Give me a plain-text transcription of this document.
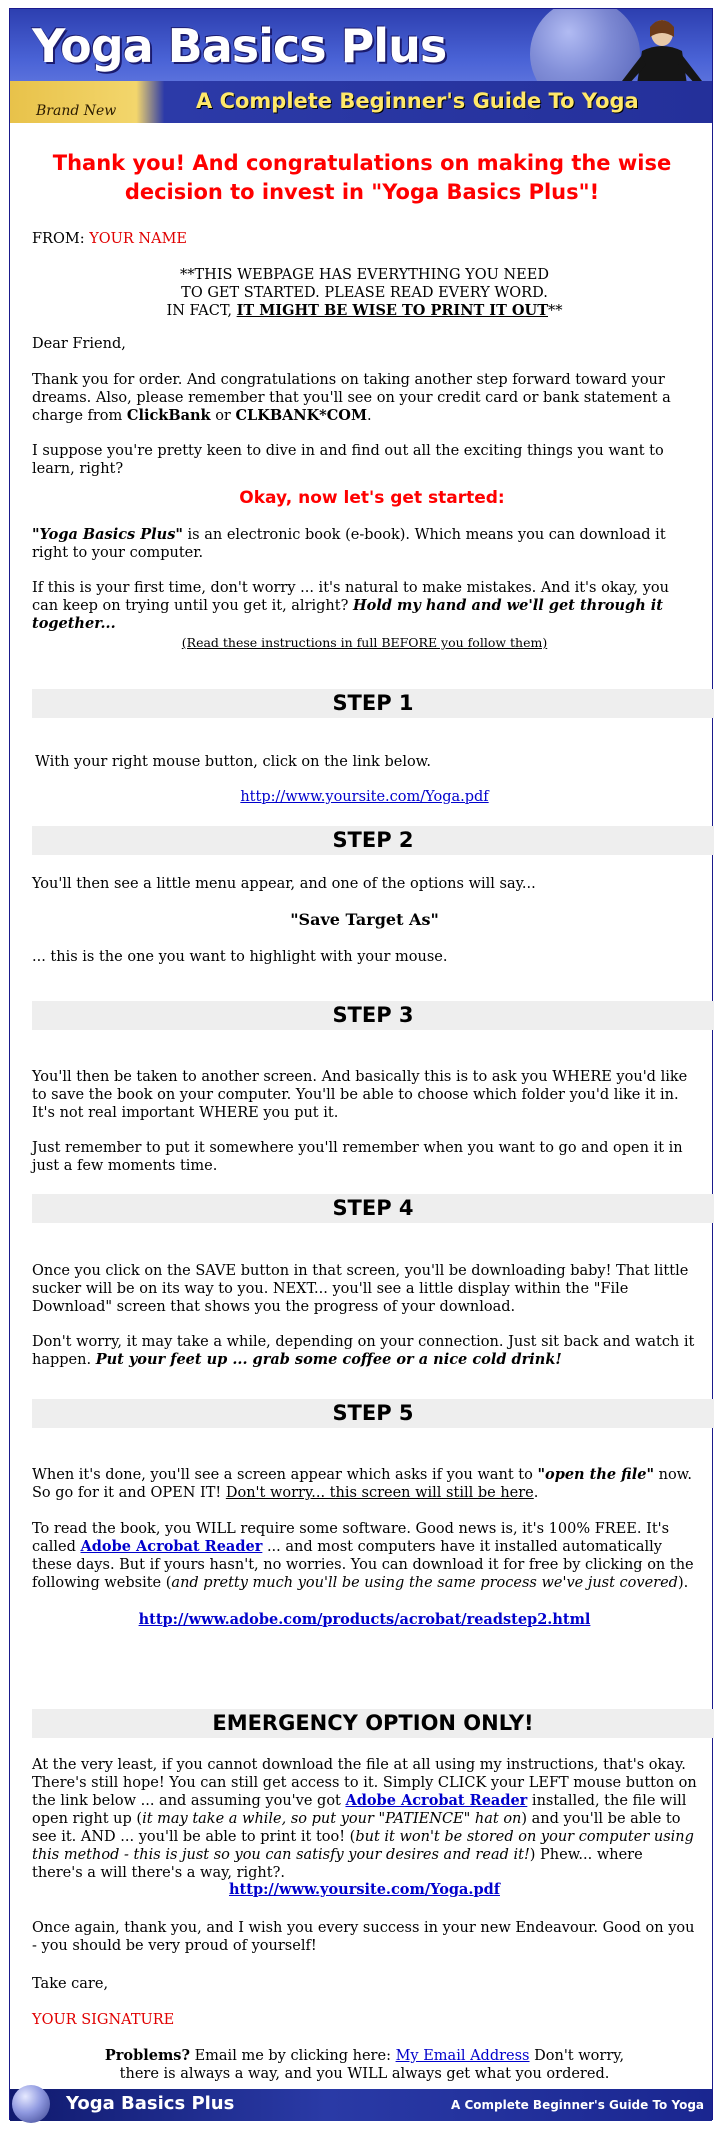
Yoga Basics Plus
A Complete Beginner's Guide To Yoga
Brand New
Thank you! And congratulations on making the wise decision to invest in "Yoga Basics Plus"!
FROM: YOUR NAME
**THIS WEBPAGE HAS EVERYTHING YOU NEED
TO GET STARTED. PLEASE READ EVERY WORD.
IN FACT, IT MIGHT BE WISE TO PRINT IT OUT**
Dear Friend,
Thank you for order. And congratulations on taking another step forward toward your dreams. Also, please remember that you'll see on your credit card or bank statement a charge from ClickBank or CLKBANK*COM.
I suppose you're pretty keen to dive in and find out all the exciting things you want to learn, right?
Okay, now let's get started:
"Yoga Basics Plus" is an electronic book (e-book). Which means you can download it right to your computer.
If this is your first time, don't worry ... it's natural to make mistakes. And it's okay, you can keep on trying until you get it, alright? Hold my hand and we'll get through it together...
(Read these instructions in full BEFORE you follow them)
STEP 1
With your right mouse button, click on the link below.
http://www.yoursite.com/Yoga.pdf
STEP 2
You'll then see a little menu appear, and one of the options will say...
"Save Target As"
... this is the one you want to highlight with your mouse.
STEP 3
You'll then be taken to another screen. And basically this is to ask you WHERE you'd like to save the book on your computer. You'll be able to choose which folder you'd like it in. It's not real important WHERE you put it.
Just remember to put it somewhere you'll remember when you want to go and open it in just a few moments time.
STEP 4
Once you click on the SAVE button in that screen, you'll be downloading baby! That little sucker will be on its way to you. NEXT... you'll see a little display within the "File Download" screen that shows you the progress of your download.
Don't worry, it may take a while, depending on your connection. Just sit back and watch it happen. Put your feet up ... grab some coffee or a nice cold drink!
STEP 5
When it's done, you'll see a screen appear which asks if you want to "open the file" now. So go for it and OPEN IT! Don't worry... this screen will still be here.
To read the book, you WILL require some software. Good news is, it's 100% FREE. It's called Adobe Acrobat Reader ... and most computers have it installed automatically these days. But if yours hasn't, no worries. You can download it for free by clicking on the following website (and pretty much you'll be using the same process we've just covered).
http://www.adobe.com/products/acrobat/readstep2.html
EMERGENCY OPTION ONLY!
At the very least, if you cannot download the file at all using my instructions, that's okay. There's still hope! You can still get access to it. Simply CLICK your LEFT mouse button on the link below ... and assuming you've got Adobe Acrobat Reader installed, the file will open right up (it may take a while, so put your "PATIENCE" hat on) and you'll be able to see it. AND ... you'll be able to print it too! (but it won't be stored on your computer using this method - this is just so you can satisfy your desires and read it!) Phew... where there's a will there's a way, right?.
http://www.yoursite.com/Yoga.pdf
Once again, thank you, and I wish you every success in your new Endeavour. Good on you - you should be very proud of yourself!
Take care,
YOUR SIGNATURE
Problems? Email me by clicking here: My Email Address Don't worry,
there is always a way, and you WILL always get what you ordered.
Yoga Basics Plus	A Complete Beginner's Guide To Yoga
